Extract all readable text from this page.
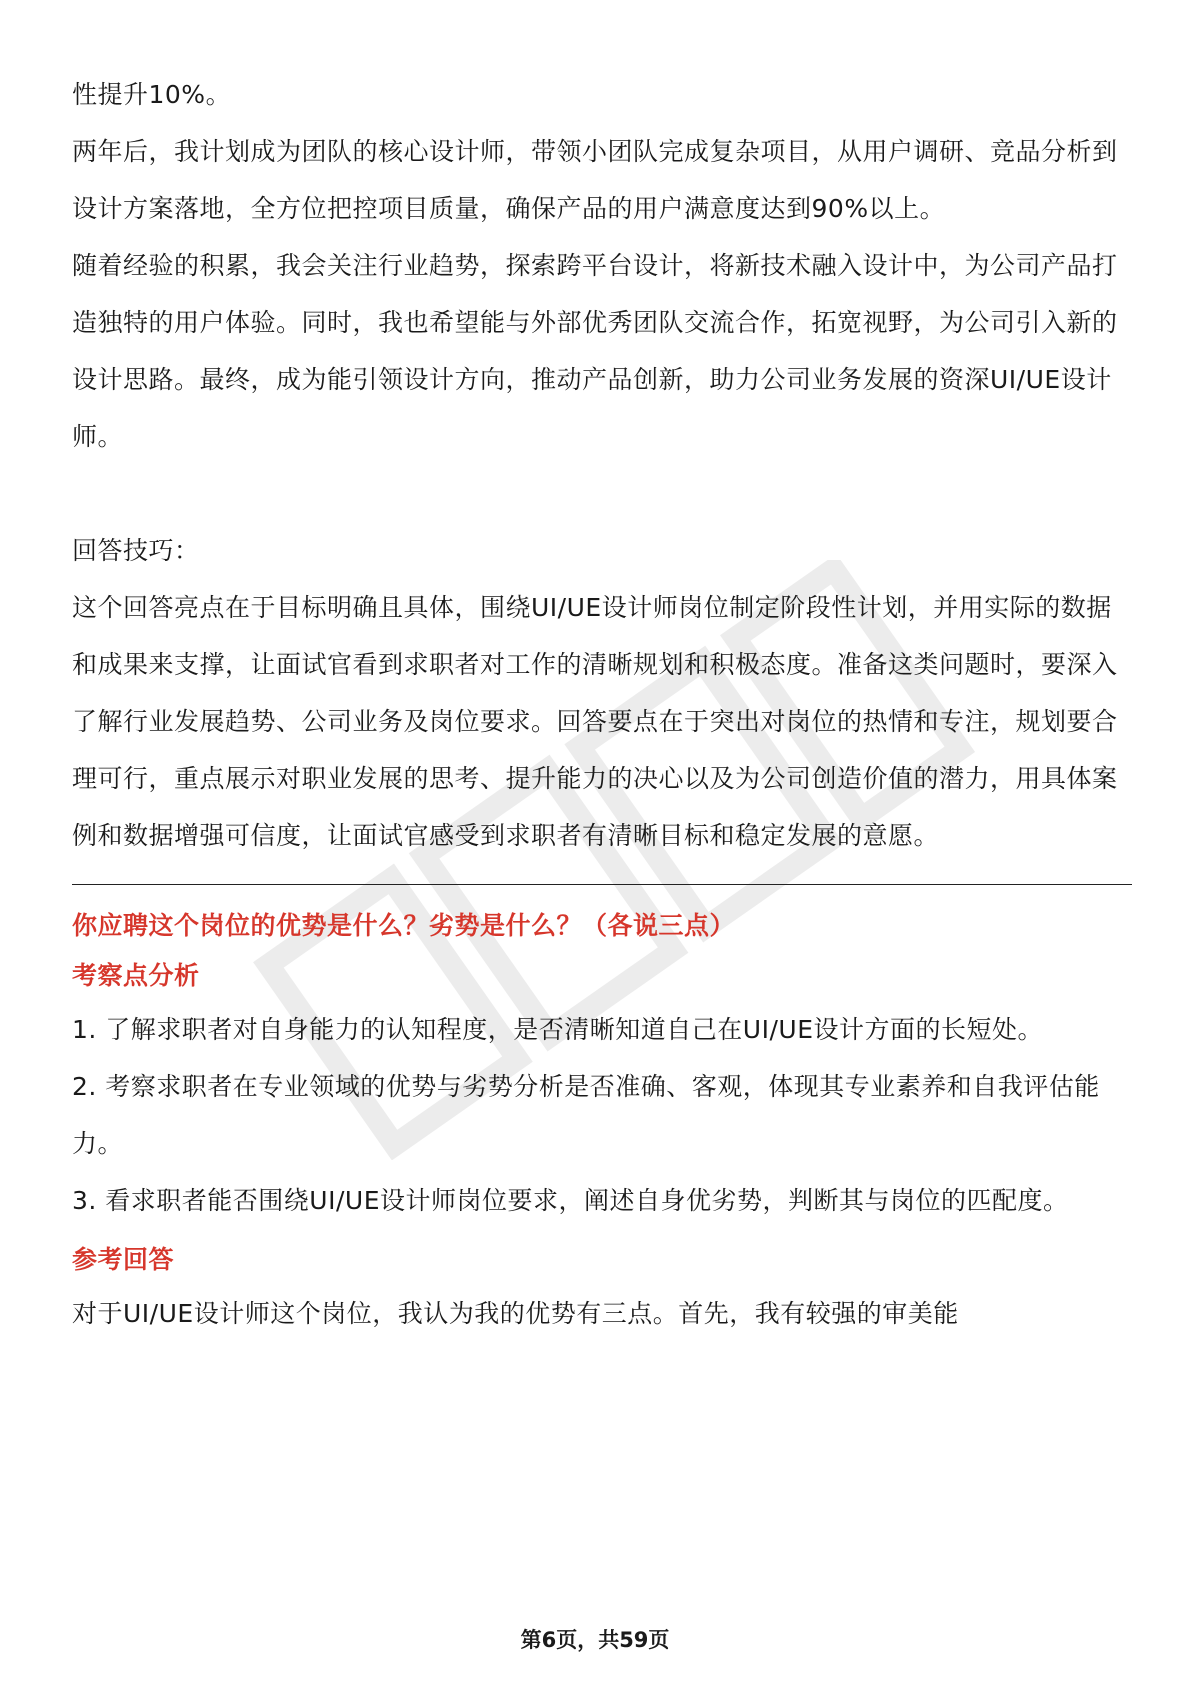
性提升10%。

两年后，我计划成为团队的核心设计师，带领小团队完成复杂项目，从用户调研、竞品分析到设计方案落地，全方位把控项目质量，确保产品的用户满意度达到90%以上。

随着经验的积累，我会关注行业趋势，探索跨平台设计，将新技术融入设计中，为公司产品打造独特的用户体验。同时，我也希望能与外部优秀团队交流合作，拓宽视野，为公司引入新的设计思路。最终，成为能引领设计方向，推动产品创新，助力公司业务发展的资深UI/UE设计师。

回答技巧：

这个回答亮点在于目标明确且具体，围绕UI/UE设计师岗位制定阶段性计划，并用实际的数据和成果来支撑，让面试官看到求职者对工作的清晰规划和积极态度。准备这类问题时，要深入了解行业发展趋势、公司业务及岗位要求。回答要点在于突出对岗位的热情和专注，规划要合理可行，重点展示对职业发展的思考、提升能力的决心以及为公司创造价值的潜力，用具体案例和数据增强可信度，让面试官感受到求职者有清晰目标和稳定发展的意愿。

你应聘这个岗位的优势是什么？劣势是什么？（各说三点）

考察点分析

1. 了解求职者对自身能力的认知程度，是否清晰知道自己在UI/UE设计方面的长短处。

2. 考察求职者在专业领域的优势与劣势分析是否准确、客观，体现其专业素养和自我评估能力。

3. 看求职者能否围绕UI/UE设计师岗位要求，阐述自身优劣势，判断其与岗位的匹配度。

参考回答

对于UI/UE设计师这个岗位，我认为我的优势有三点。首先，我有较强的审美能

第6页，共59页
